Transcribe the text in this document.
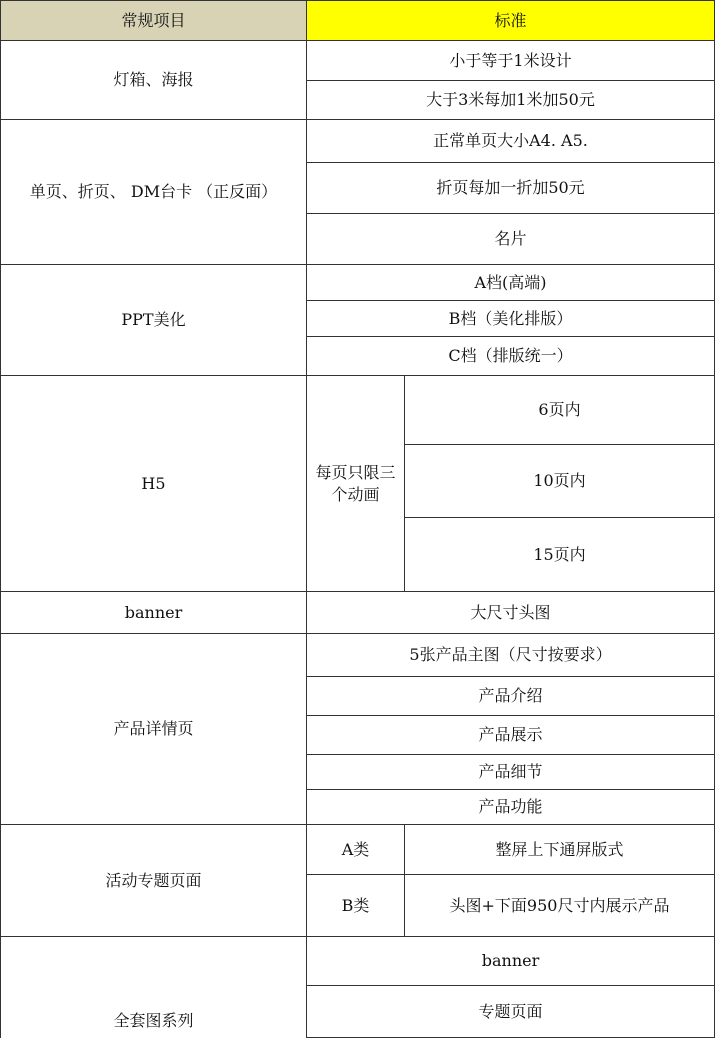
常规项目	标准	
灯箱、海报	小于等于1米设计	
	大于3米每加1米加50元	
单页、折页、 DM台卡 （正反面）	正常单页大小A4. A5.	
	折页每加一折加50元	
	名片	
PPT美化	A档(高端)	
	B档（美化排版）	
	C档（排版统一）	
H5	每页只限三个动画	6页内
		10页内
		15页内
banner	大尺寸头图	
产品详情页	5张产品主图（尺寸按要求）	
	产品介绍	
	产品展示	
	产品细节	
	产品功能	
活动专题页面	A类	整屏上下通屏版式
	B类	头图+下面950尺寸内展示产品
全套图系列	banner	
	专题页面	
